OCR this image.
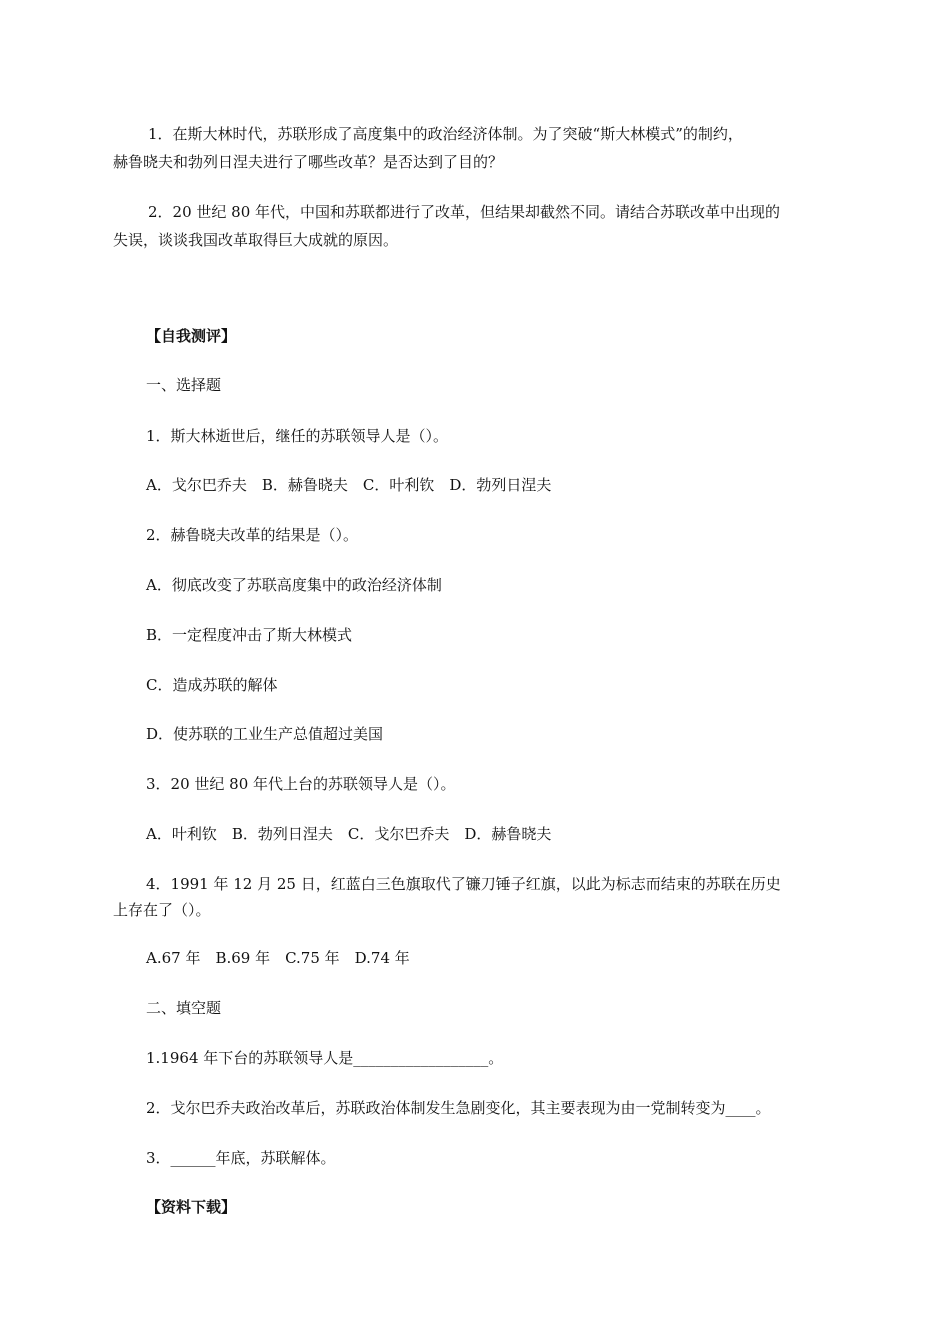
1．在斯大林时代，苏联形成了高度集中的政治经济体制。为了突破“斯大林模式”的制约，
赫鲁晓夫和勃列日涅夫进行了哪些改革？是否达到了目的？
2．20 世纪 80 年代，中国和苏联都进行了改革，但结果却截然不同。请结合苏联改革中出现的
失误，谈谈我国改革取得巨大成就的原因。
【自我测评】
一、选择题
1．斯大林逝世后，继任的苏联领导人是（）。
A．戈尔巴乔夫　B．赫鲁晓夫　C．叶利钦　D．勃列日涅夫
2．赫鲁晓夫改革的结果是（）。
A．彻底改变了苏联高度集中的政治经济体制
B．一定程度冲击了斯大林模式
C．造成苏联的解体
D．使苏联的工业生产总值超过美国
3．20 世纪 80 年代上台的苏联领导人是（）。
A．叶利钦　B．勃列日涅夫　C．戈尔巴乔夫　D．赫鲁晓夫
4．1991 年 12 月 25 日，红蓝白三色旗取代了镰刀锤子红旗，以此为标志而结束的苏联在历史
上存在了（）。
A.67 年　B.69 年　C.75 年　D.74 年
二、填空题
1.1964 年下台的苏联领导人是__________________。
2．戈尔巴乔夫政治改革后，苏联政治体制发生急剧变化，其主要表现为由一党制转变为____。
3．______年底，苏联解体。
【资料下载】
